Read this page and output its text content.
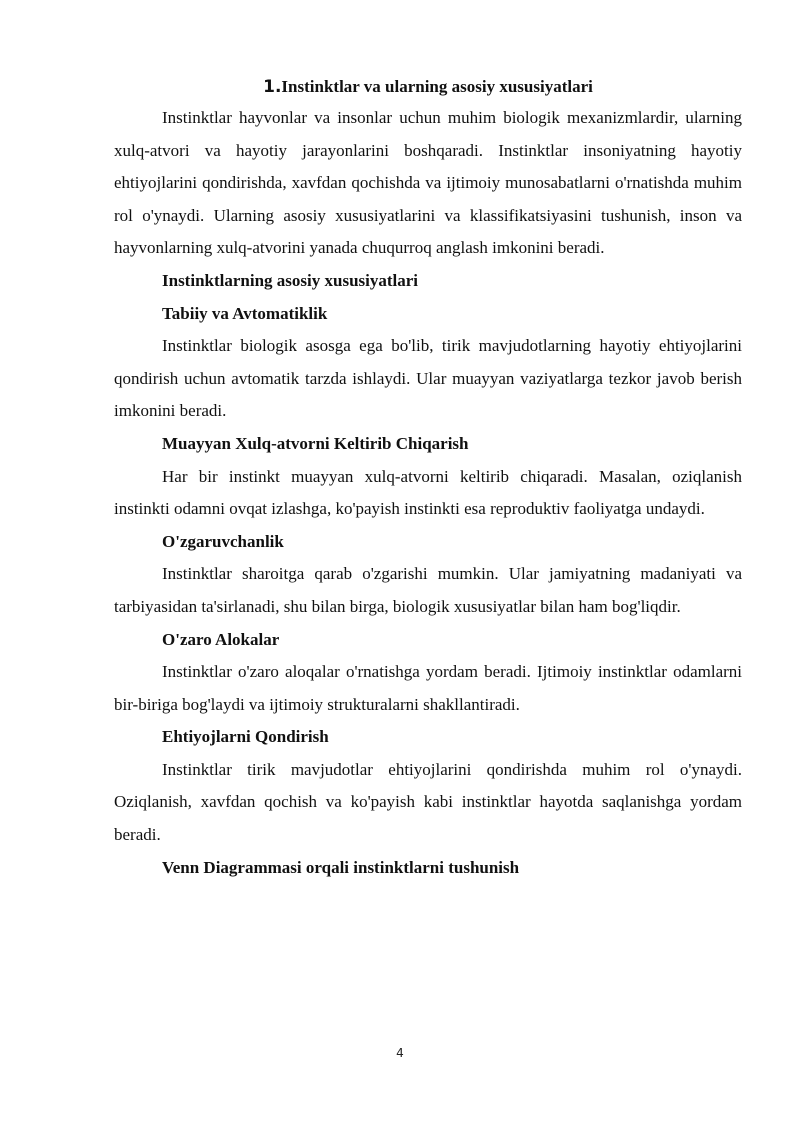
1.Instinktlar va ularning asosiy xususiyatlari

Instinktlar hayvonlar va insonlar uchun muhim biologik mexanizmlardir, ularning xulq-atvori va hayotiy jarayonlarini boshqaradi. Instinktlar insoniyatning hayotiy ehtiyojlarini qondirishda, xavfdan qochishda va ijtimoiy munosabatlarni o'rnatishda muhim rol o'ynaydi. Ularning asosiy xususiyatlarini va klassifikatsiyasini tushunish, inson va hayvonlarning xulq-atvorini yanada chuqurroq anglash imkonini beradi.

Instinktlarning asosiy xususiyatlari

Tabiiy va Avtomatiklik

Instinktlar biologik asosga ega bo'lib, tirik mavjudotlarning hayotiy ehtiyojlarini qondirish uchun avtomatik tarzda ishlaydi. Ular muayyan vaziyatlarga tezkor javob berish imkonini beradi.

Muayyan Xulq-atvorni Keltirib Chiqarish

Har bir instinkt muayyan xulq-atvorni keltirib chiqaradi. Masalan, oziqlanish instinkti odamni ovqat izlashga, ko'payish instinkti esa reproduktiv faoliyatga undaydi.

O'zgaruvchanlik

Instinktlar sharoitga qarab o'zgarishi mumkin. Ular jamiyatning madaniyati va tarbiyasidan ta'sirlanadi, shu bilan birga, biologik xususiyatlar bilan ham bog'liqdir.

O'zaro Alokalar

Instinktlar o'zaro aloqalar o'rnatishga yordam beradi. Ijtimoiy instinktlar odamlarni bir-biriga bog'laydi va ijtimoiy strukturalarni shakllantiradi.

Ehtiyojlarni Qondirish

Instinktlar tirik mavjudotlar ehtiyojlarini qondirishda muhim rol o'ynaydi. Oziqlanish, xavfdan qochish va ko'payish kabi instinktlar hayotda saqlanishga yordam beradi.

Venn Diagrammasi orqali instinktlarni tushunish

4
